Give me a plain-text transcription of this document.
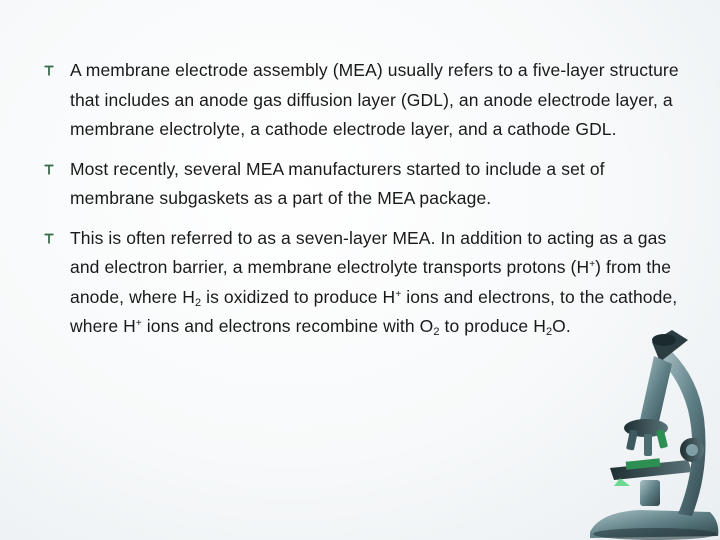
A membrane electrode assembly (MEA) usually refers to a five-layer structure that includes an anode gas diffusion layer (GDL), an anode electrode layer, a membrane electrolyte, a cathode electrode layer, and a cathode GDL.
Most recently, several MEA manufacturers started to include a set of membrane subgaskets as a part of the MEA package.
This is often referred to as a seven-layer MEA. In addition to acting as a gas and electron barrier, a membrane electrolyte transports protons (H+) from the anode, where $H_2$ is oxidized to produce H+ ions and electrons, to the cathode, where H+ ions and electrons recombine with $O_2$ to produce $H_2O$.
